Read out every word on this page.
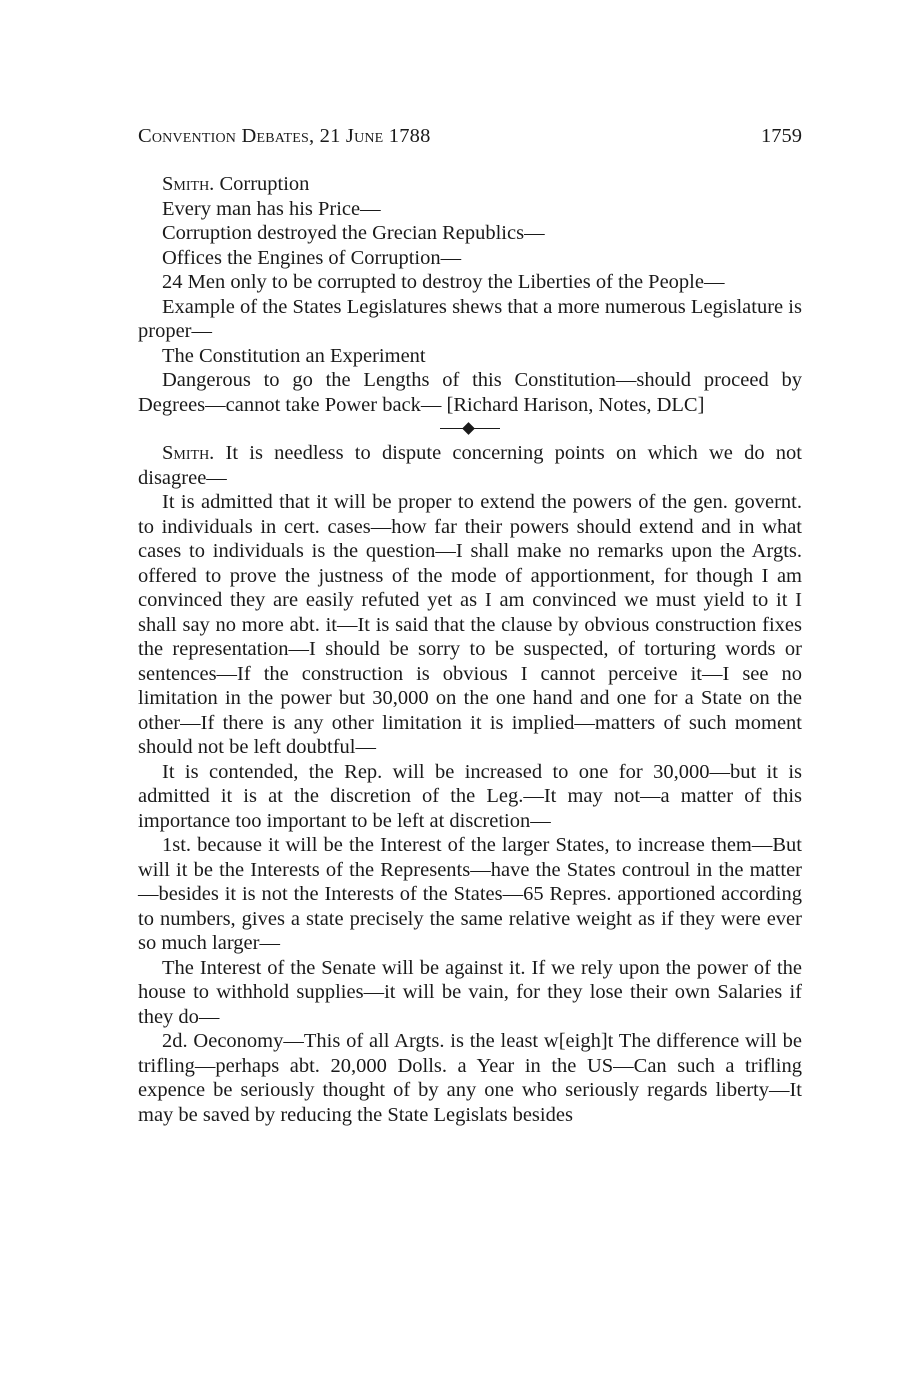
Convention Debates, 21 June 1788	1759

Smith. Corruption

Every man has his Price—

Corruption destroyed the Grecian Republics—

Offices the Engines of Corruption—

24 Men only to be corrupted to destroy the Liberties of the People—

Example of the States Legislatures shews that a more numerous Legislature is proper—

The Constitution an Experiment

Dangerous to go the Lengths of this Constitution—should proceed by Degrees—cannot take Power back— [Richard Harison, Notes, DLC]

Smith. It is needless to dispute concerning points on which we do not disagree—

It is admitted that it will be proper to extend the powers of the gen. governt. to individuals in cert. cases—how far their powers should extend and in what cases to individuals is the question—I shall make no remarks upon the Argts. offered to prove the justness of the mode of apportionment, for though I am convinced they are easily refuted yet as I am convinced we must yield to it I shall say no more abt. it—It is said that the clause by obvious construction fixes the representation—I should be sorry to be suspected, of torturing words or sentences—If the construction is obvious I cannot perceive it—I see no limitation in the power but 30,000 on the one hand and one for a State on the other—If there is any other limitation it is implied—matters of such moment should not be left doubtful—

It is contended, the Rep. will be increased to one for 30,000—but it is admitted it is at the discretion of the Leg.—It may not—a matter of this importance too important to be left at discretion—

1st. because it will be the Interest of the larger States, to increase them—But will it be the Interests of the Represents—have the States controul in the matter—besides it is not the Interests of the States—65 Repres. apportioned according to numbers, gives a state precisely the same relative weight as if they were ever so much larger—

The Interest of the Senate will be against it. If we rely upon the power of the house to withhold supplies—it will be vain, for they lose their own Salaries if they do—

2d. Oeconomy—This of all Argts. is the least w[eigh]t The difference will be trifling—perhaps abt. 20,000 Dolls. a Year in the US—Can such a trifling expence be seriously thought of by any one who seriously regards liberty—It may be saved by reducing the State Legislats besides
